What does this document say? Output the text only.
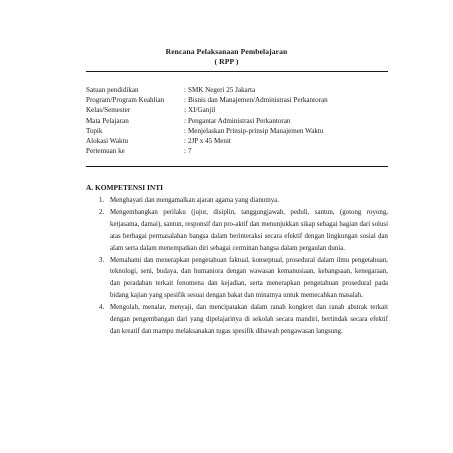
Rencana Pelaksanaan Pembelajaran
( RPP )
Satuan pendidikan	: SMK Negeri 25 Jakarta
Program/Program Keahlian	: Bisnis dan Manajemen/Administrasi Perkantoran
Kelas/Semester	: XI/Ganjil
Mata Pelajaran	: Pengantar Administrasi Perkantoran
Topik	: Menjelaskan Prinsip-prinsip Manajemen Waktu
Alokasi Waktu	: 2JP x 45 Menit
Pertemuan ke	: 7
A. KOMPETENSI INTI
1. Menghayati dan mengamalkan ajaran agama yang dianutnya.
2. Mengembangkan perilaku (jujur, disiplin, tanggungjawab, peduli, santun, (gotong royong, ketjasama, damai), santun, responsif dan pro-aktif dan menunjukkan sikap sebagai bagian dari solusi atas berbagai permasalahan bangsa dalam berinteraksi secara efektif dengan lingkungan sosial dan alam serta dalam menempatkan diri sebagai cerminan bangsa dalam pergaulan dunia.
3. Memahami dan menerapkan pengetahuan faktual, konseptual, prosedural dalam ilmu pengetahuan, teknologi, seni, budaya, dan humaniora dengan wawasan kemanusiaan, kebangsaan, kenegaraan, dan peradaban terkait fenomena dan kejadian, serta menerapkan pengetahuan prosedural pada bidang kajian yang spesifik sesuai dengan bakat dan minatnya untuk memecahkan masalah.
4. Mengolah, menalar, menyaji, dan mencipatakan dalam ranah kongkret dan ranah abstrak terkait dengan pengembangan dari yang dipelajarinya di sekolah secara mandiri, bertindak secara efektif dan kreatif dan mampu melaksanakan tugas spesifik dibawah pengawasan langsung.
